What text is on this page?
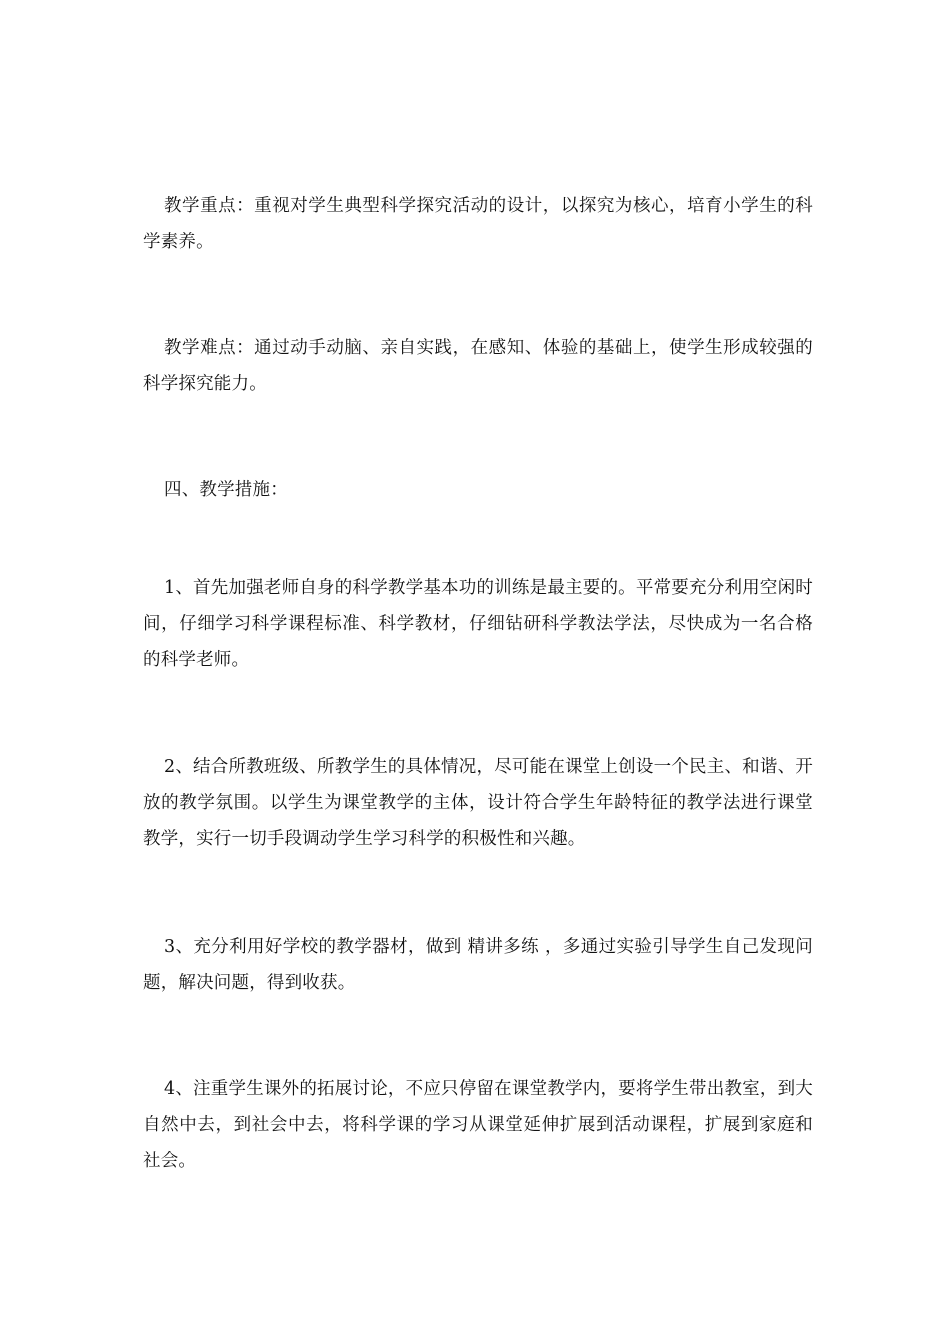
教学重点：重视对学生典型科学探究活动的设计，以探究为核心，培育小学生的科学素养。

教学难点：通过动手动脑、亲自实践，在感知、体验的基础上，使学生形成较强的科学探究能力。

四、教学措施：

1、首先加强老师自身的科学教学基本功的训练是最主要的。平常要充分利用空闲时间，仔细学习科学课程标准、科学教材，仔细钻研科学教法学法，尽快成为一名合格的科学老师。

2、结合所教班级、所教学生的具体情况，尽可能在课堂上创设一个民主、和谐、开放的教学氛围。以学生为课堂教学的主体，设计符合学生年龄特征的教学法进行课堂教学，实行一切手段调动学生学习科学的积极性和兴趣。

3、充分利用好学校的教学器材，做到 精讲多练 ，多通过实验引导学生自己发现问题，解决问题，得到收获。

4、注重学生课外的拓展讨论，不应只停留在课堂教学内，要将学生带出教室，到大自然中去，到社会中去，将科学课的学习从课堂延伸扩展到活动课程，扩展到家庭和社会。
